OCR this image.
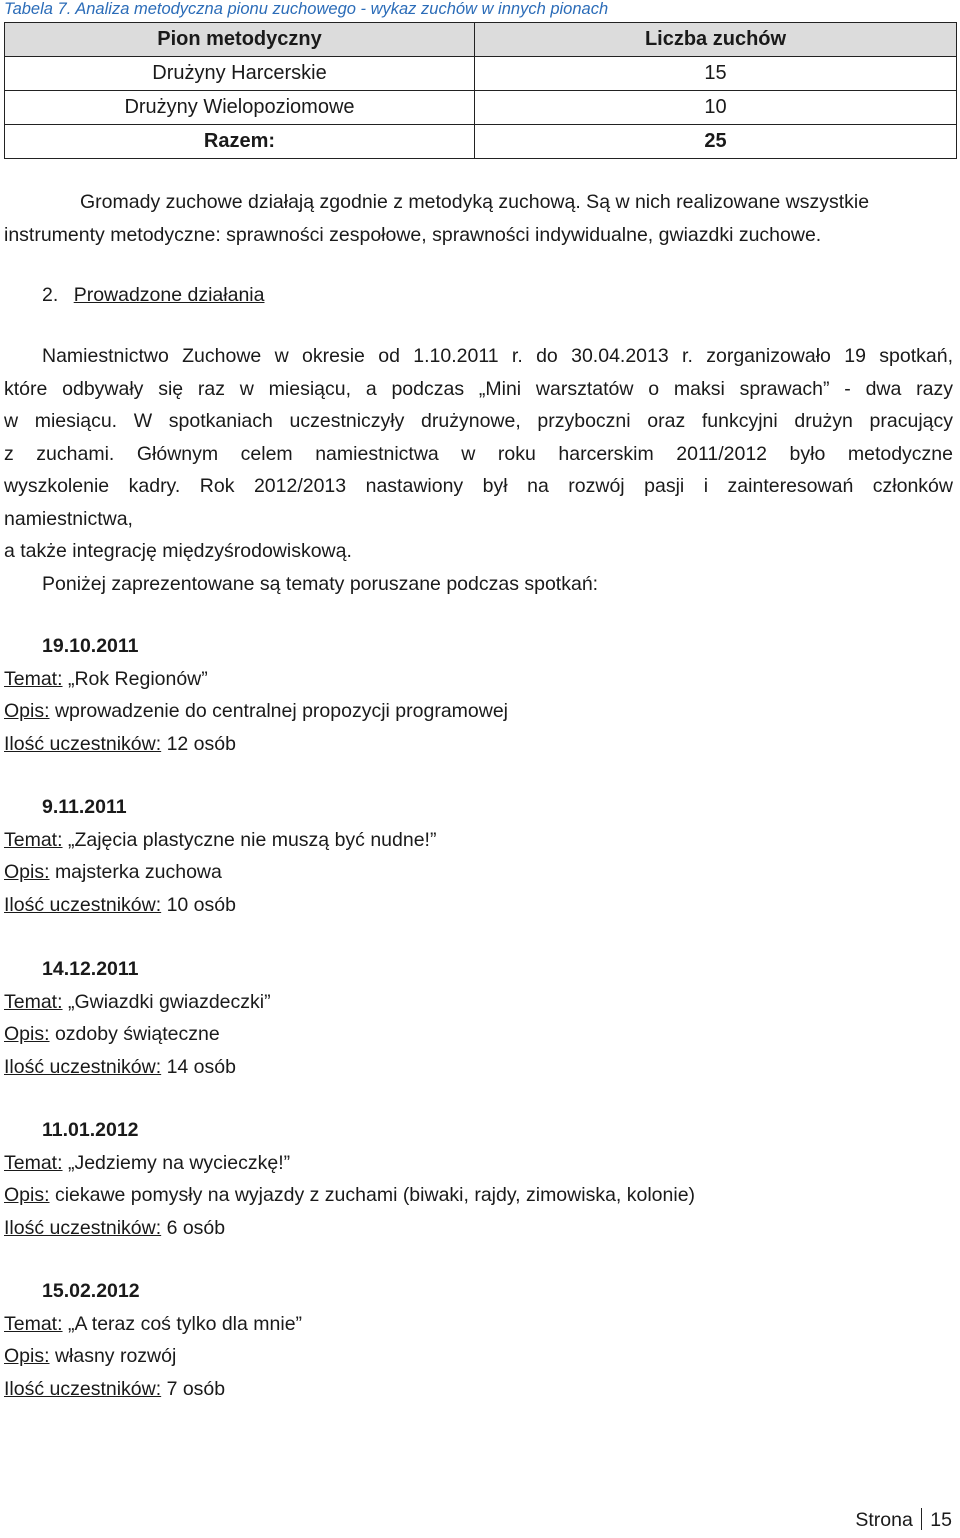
Tabela 7. Analiza metodyczna pionu zuchowego - wykaz zuchów w innych pionach
Pion metodyczny	Liczba zuchów
Drużyny Harcerskie	15
Drużyny Wielopoziomowe	10
Razem:	25
Gromady zuchowe działają zgodnie z metodyką zuchową. Są w nich realizowane wszystkie
instrumenty metodyczne: sprawności zespołowe, sprawności indywidualne, gwiazdki zuchowe.
2. Prowadzone działania
Namiestnictwo Zuchowe w okresie od 1.10.2011 r. do 30.04.2013 r. zorganizowało 19 spotkań,
które odbywały się raz w miesiącu, a podczas „Mini warsztatów o maksi sprawach” - dwa razy
w miesiącu. W spotkaniach uczestniczyły drużynowe, przyboczni oraz funkcyjni drużyn pracujący
z zuchami. Głównym celem namiestnictwa w roku harcerskim 2011/2012 było metodyczne
wyszkolenie kadry. Rok 2012/2013 nastawiony był na rozwój pasji i zainteresowań członków
namiestnictwa,
a także integrację międzyśrodowiskową.
Poniżej zaprezentowane są tematy poruszane podczas spotkań:
19.10.2011
Temat: „Rok Regionów”
Opis: wprowadzenie do centralnej propozycji programowej
Ilość uczestników: 12 osób
9.11.2011
Temat: „Zajęcia plastyczne nie muszą być nudne!”
Opis: majsterka zuchowa
Ilość uczestników: 10 osób
14.12.2011
Temat: „Gwiazdki gwiazdeczki”
Opis: ozdoby świąteczne
Ilość uczestników: 14 osób
11.01.2012
Temat: „Jedziemy na wycieczkę!”
Opis: ciekawe pomysły na wyjazdy z zuchami (biwaki, rajdy, zimowiska, kolonie)
Ilość uczestników: 6 osób
15.02.2012
Temat: „A teraz coś tylko dla mnie”
Opis: własny rozwój
Ilość uczestników: 7 osób
Strona 15
